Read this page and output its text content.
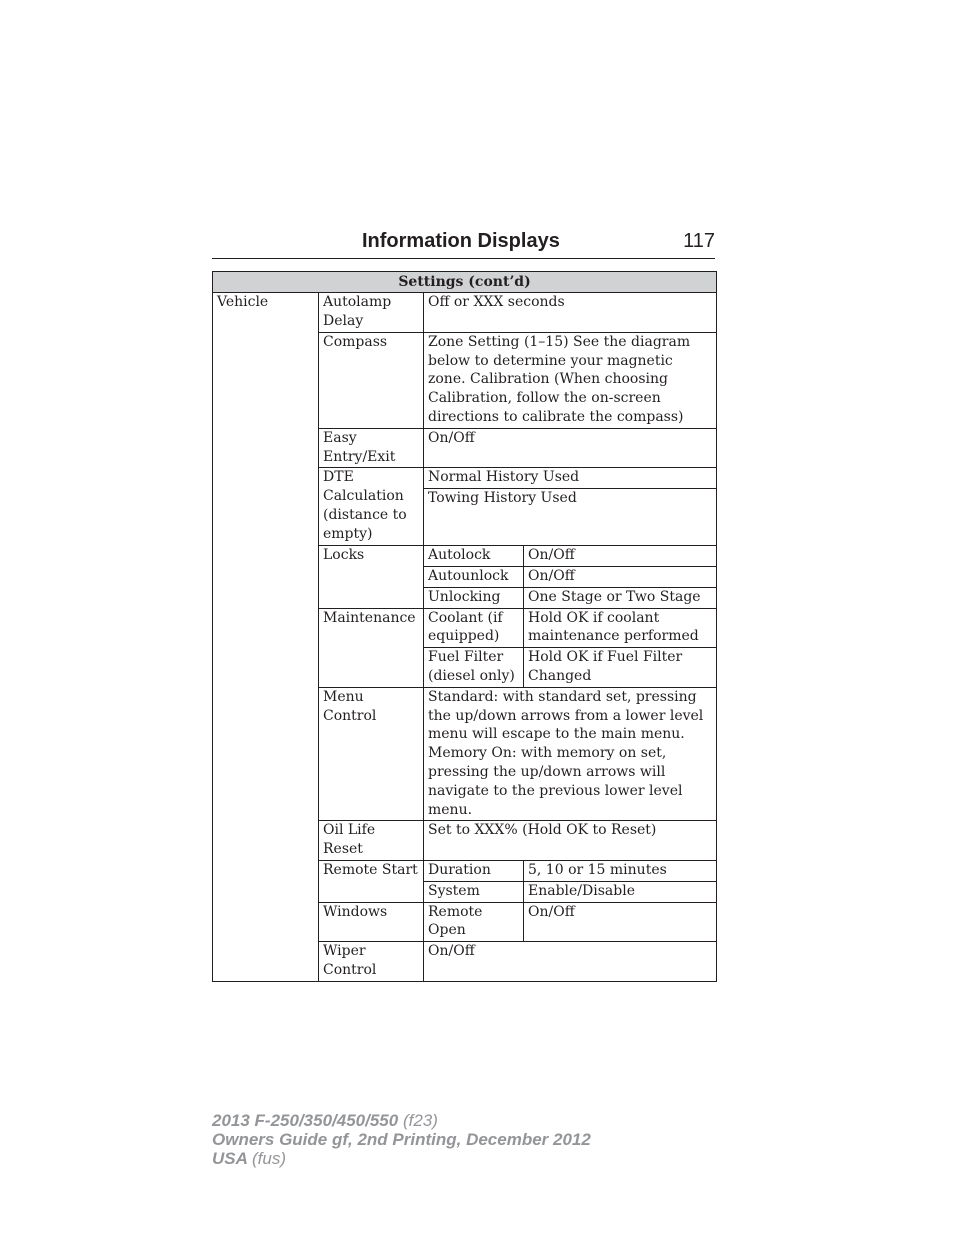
Information Displays	117
Settings (cont’d)			
Vehicle	Autolamp Delay	Off or XXX seconds	
	Compass	Zone Setting (1–15) See the diagram below to determine your magnetic zone. Calibration (When choosing Calibration, follow the on-screen directions to calibrate the compass)	
	Easy Entry/Exit	On/Off	
	DTE Calculation (distance to empty)	Normal History Used	
		Towing History Used	
	Locks	Autolock	On/Off
		Autounlock	On/Off
		Unlocking	One Stage or Two Stage
	Maintenance	Coolant (if equipped)	Hold OK if coolant maintenance performed
		Fuel Filter (diesel only)	Hold OK if Fuel Filter Changed
	Menu Control	Standard: with standard set, pressing the up/down arrows from a lower level menu will escape to the main menu.
Memory On: with memory on set, pressing the up/down arrows will navigate to the previous lower level menu.	
	Oil Life Reset	Set to XXX% (Hold OK to Reset)	
	Remote Start	Duration	5, 10 or 15 minutes
		System	Enable/Disable
	Windows	Remote Open	On/Off
	Wiper Control	On/Off	
2013 F-250/350/450/550 (f23)
Owners Guide gf, 2nd Printing, December 2012
USA (fus)
